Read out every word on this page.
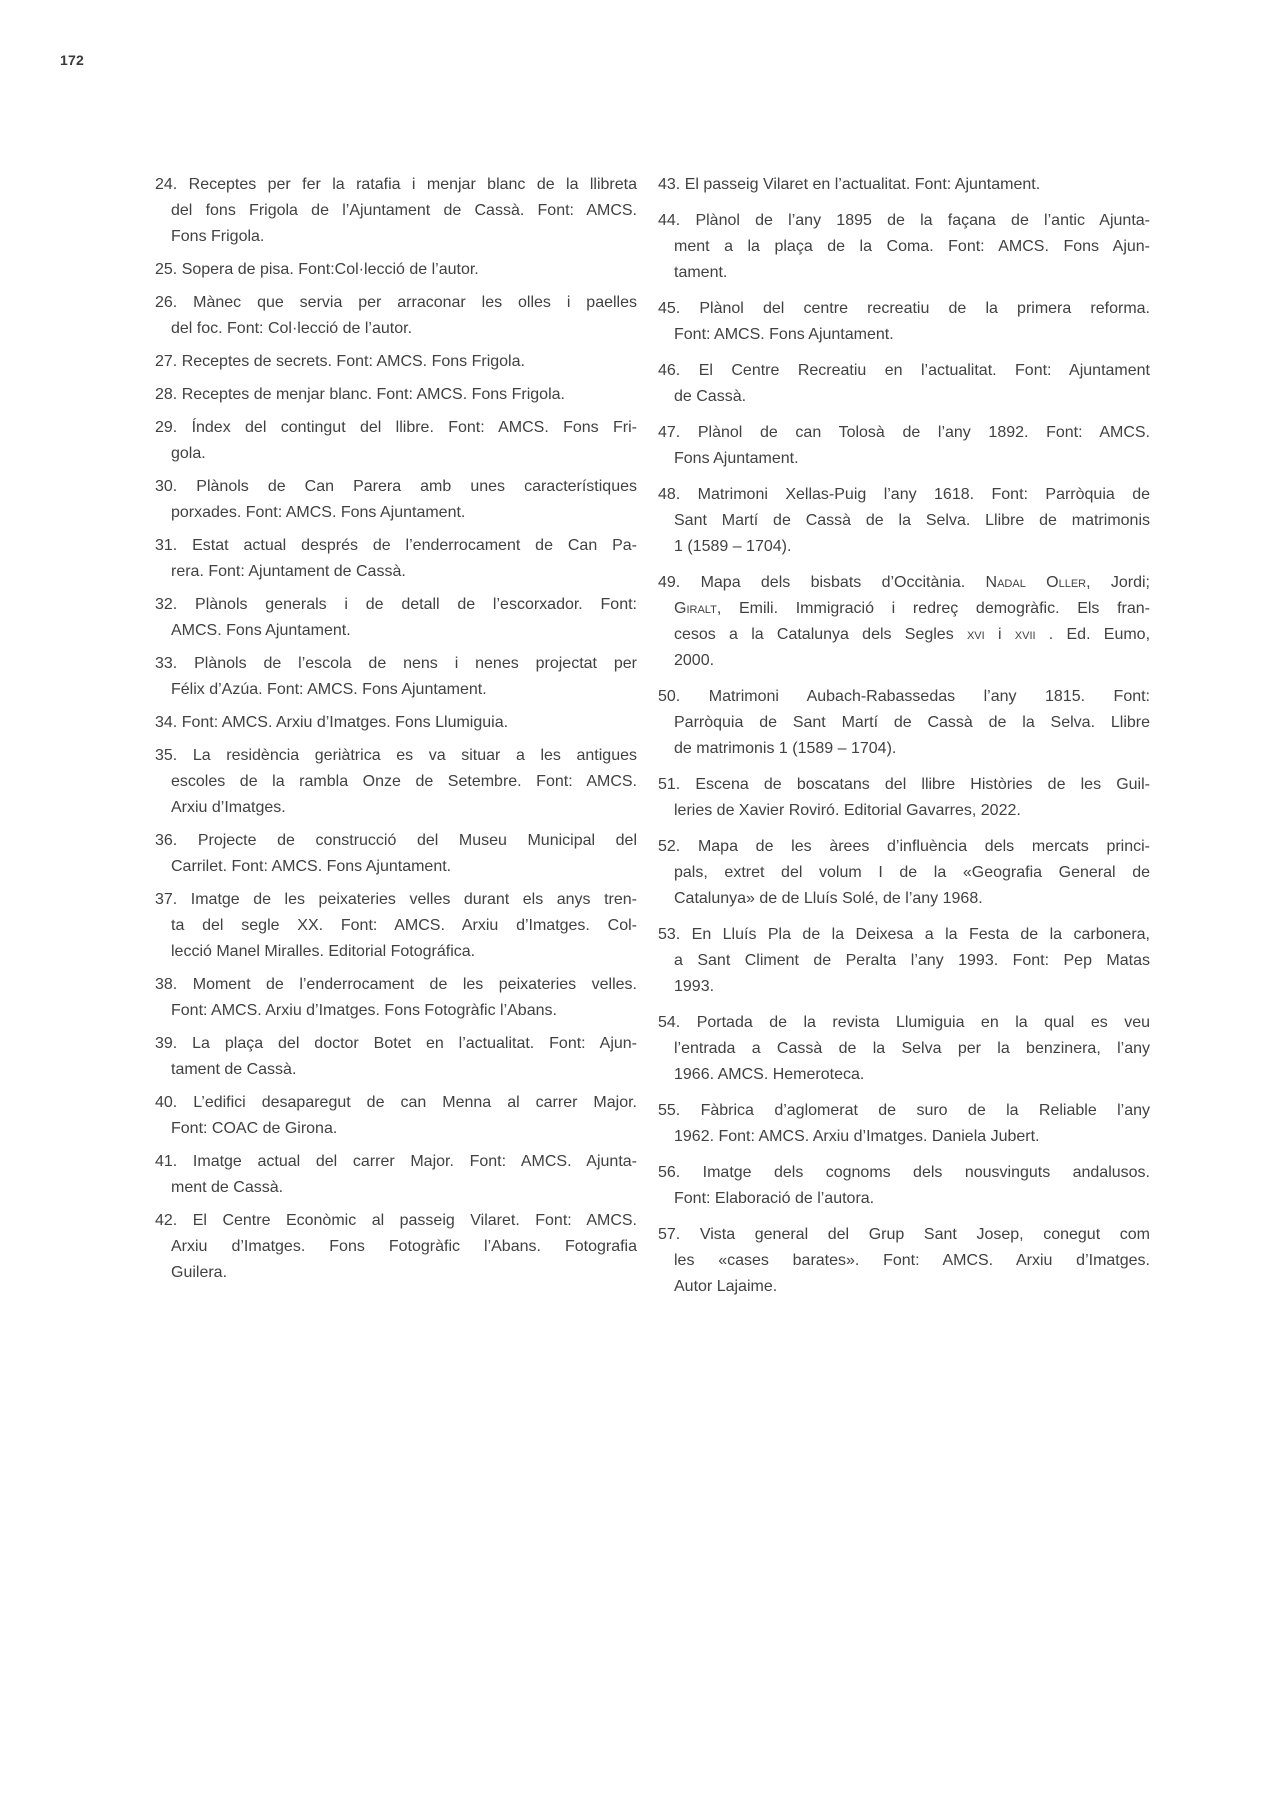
172
24. Receptes per fer la ratafia i menjar blanc de la llibreta
del fons Frigola de l’Ajuntament de Cassà. Font: AMCS.
Fons Frigola.
25. Sopera de pisa. Font:Col·lecció de l’autor.
26. Mànec que servia per arraconar les olles i paelles
del foc. Font: Col·lecció de l’autor.
27. Receptes de secrets. Font: AMCS. Fons Frigola.
28. Receptes de menjar blanc. Font: AMCS. Fons Frigola.
29. Índex del contingut del llibre. Font: AMCS. Fons Fri-
gola.
30. Plànols de Can Parera amb unes característiques
porxades. Font: AMCS. Fons Ajuntament.
31. Estat actual després de l’enderrocament de Can Pa-
rera. Font: Ajuntament de Cassà.
32. Plànols generals i de detall de l’escorxador. Font:
AMCS. Fons Ajuntament.
33. Plànols de l’escola de nens i nenes projectat per
Félix d’Azúa. Font: AMCS. Fons Ajuntament.
34. Font: AMCS. Arxiu d’Imatges. Fons Llumiguia.
35. La residència geriàtrica es va situar a les antigues
escoles de la rambla Onze de Setembre. Font: AMCS.
Arxiu d’Imatges.
36. Projecte de construcció del Museu Municipal del
Carrilet. Font: AMCS. Fons Ajuntament.
37. Imatge de les peixateries velles durant els anys tren-
ta del segle XX. Font: AMCS. Arxiu d’Imatges. Col-
lecció Manel Miralles. Editorial Fotográfica.
38. Moment de l’enderrocament de les peixateries velles.
Font: AMCS. Arxiu d’Imatges. Fons Fotogràfic l’Abans.
39. La plaça del doctor Botet en l’actualitat. Font: Ajun-
tament de Cassà.
40. L’edifici desaparegut de can Menna al carrer Major.
Font: COAC de Girona.
41. Imatge actual del carrer Major. Font: AMCS. Ajunta-
ment de Cassà.
42. El Centre Econòmic al passeig Vilaret. Font: AMCS.
Arxiu d’Imatges. Fons Fotogràfic l’Abans. Fotografia
Guilera.
43. El passeig Vilaret en l’actualitat. Font: Ajuntament.
44. Plànol de l’any 1895 de la façana de l’antic Ajunta-
ment a la plaça de la Coma. Font: AMCS. Fons Ajun-
tament.
45. Plànol del centre recreatiu de la primera reforma.
Font: AMCS. Fons Ajuntament.
46. El Centre Recreatiu en l’actualitat. Font: Ajuntament
de Cassà.
47. Plànol de can Tolosà de l’any 1892. Font: AMCS.
Fons Ajuntament.
48. Matrimoni Xellas-Puig l’any 1618. Font: Parròquia de
Sant Martí de Cassà de la Selva. Llibre de matrimonis
1 (1589 – 1704).
49. Mapa dels bisbats d’Occitània. Nadal Oller, Jordi;
Giralt, Emili. Immigració i redreç demogràfic. Els fran-
cesos a la Catalunya dels Segles xvi i xvii . Ed. Eumo,
2000.
50. Matrimoni Aubach-Rabassedas l’any 1815. Font:
Parròquia de Sant Martí de Cassà de la Selva. Llibre
de matrimonis 1 (1589 – 1704).
51. Escena de boscatans del llibre Històries de les Guil-
leries de Xavier Roviró. Editorial Gavarres, 2022.
52. Mapa de les àrees d’influència dels mercats princi-
pals, extret del volum I de la «Geografia General de
Catalunya» de de Lluís Solé, de l’any 1968.
53. En Lluís Pla de la Deixesa a la Festa de la carbonera,
a Sant Climent de Peralta l’any 1993. Font: Pep Matas
1993.
54. Portada de la revista Llumiguia en la qual es veu
l’entrada a Cassà de la Selva per la benzinera, l’any
1966. AMCS. Hemeroteca.
55. Fàbrica d’aglomerat de suro de la Reliable l’any
1962. Font: AMCS. Arxiu d’Imatges. Daniela Jubert.
56. Imatge dels cognoms dels nousvinguts andalusos.
Font: Elaboració de l’autora.
57. Vista general del Grup Sant Josep, conegut com
les «cases barates». Font: AMCS. Arxiu d’Imatges.
Autor Lajaime.
